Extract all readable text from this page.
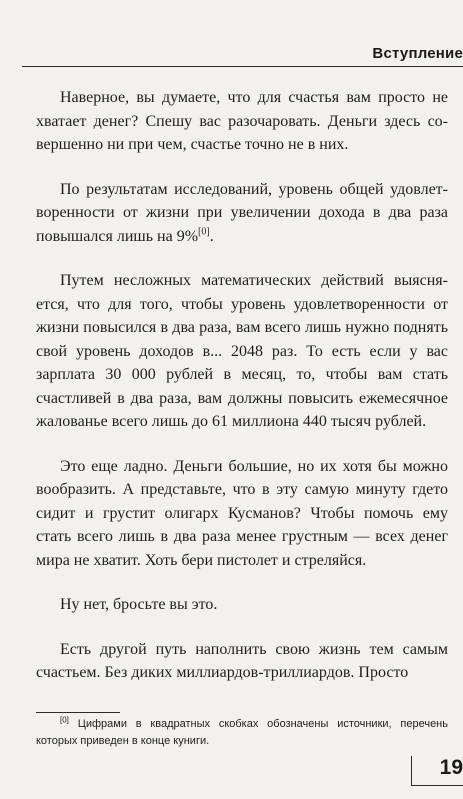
Вступление

Наверное, вы думаете, что для счастья вам просто не хватает денег? Спешу вас разочаровать. Деньги здесь совершенно ни при чем, счастье точно не в них.

По результатам исследований, уровень общей удовлетворенности от жизни при увеличении дохода в два раза повышался лишь на 9%[0].

Путем несложных математических действий выясняется, что для того, чтобы уровень удовлетворенности от жизни повысился в два раза, вам всего лишь нужно поднять свой уровень доходов в... 2048 раз. То есть если у вас зарплата 30 000 рублей в месяц, то, чтобы вам стать счастливей в два раза, вам должны повысить ежемесячное жалованье всего лишь до 61 миллиона 440 тысяч рублей.

Это еще ладно. Деньги большие, но их хотя бы можно вообразить. А представьте, что в эту самую минуту гдето сидит и грустит олигарх Кусманов? Чтобы помочь ему стать всего лишь в два раза менее грустным — всех денег мира не хватит. Хоть бери пистолет и стреляйся.

Ну нет, бросьте вы это.

Есть другой путь наполнить свою жизнь тем самым счастьем. Без диких миллиардов-триллиардов. Просто

[0] Цифрами в квадратных скобках обозначены источники, перечень которых приведен в конце куниги.

19
